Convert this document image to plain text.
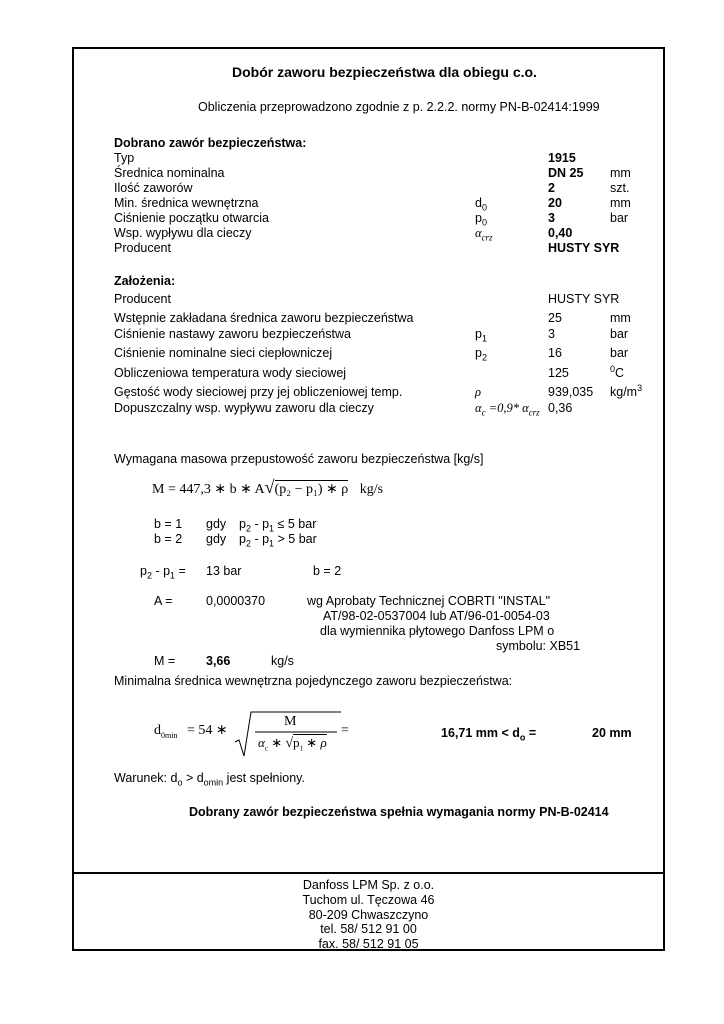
Dobór zaworu bezpieczeństwa dla obiegu c.o.
Obliczenia przeprowadzono zgodnie z p. 2.2.2. normy PN-B-02414:1999
Dobrano zawór bezpieczeństwa:
Typ	1915
Średnica nominalna	DN 25 mm
Ilość zaworów	2	szt.
Min. średnica wewnętrzna	$d_0$	20	mm
Ciśnienie początku otwarcia	$p_0$	3	bar
Wsp. wypływu dla cieczy	$\alpha_{crz}$	0,40
Producent	HUSTY SYR
Założenia:
Producent	HUSTY SYR
Wstępnie zakładana średnica zaworu bezpieczeństwa	25	mm
Ciśnienie nastawy zaworu bezpieczeństwa	$p_1$	3	bar
Ciśnienie nominalne sieci ciepłowniczej	$p_2$	16	bar
Obliczeniowa temperatura wody sieciowej	125	$^0$C
Gęstość wody sieciowej przy jej obliczeniowej temp.	ρ	939,035 $kg/m^3$
Dopuszczalny wsp. wypływu zaworu dla cieczy	$\alpha_c =0,9*$ $\alpha_{crz}$ 0,36
Wymagana masowa przepustowość zaworu bezpieczeństwa [kg/s]
M = 447,3 ∗ b ∗ A√(p₂ − p₁) ∗ ρ kg/s
b = 1 gdy $p_2 - p_1 \le 5$ bar
b = 2 gdy $p_2 - p_1 > 5$ bar
$p_2 - p_1 = 13$ bar	b = 2
A =	0,0000370	wg Aprobaty Technicznej COBRTI "INSTAL"
AT/98-02-0537004 lub AT/96-01-0054-03
dla wymiennika płytowego Danfoss LPM o
symbolu: XB51
M = 3,66	kg/s
Minimalna średnica wewnętrzna pojedynczego zaworu bezpieczeństwa:
$d_{0min} = 54$ ∗
M
$\alpha_c$ ∗ $√p_1$ ∗ ρ
=	16,71 mm < $d_o$ =	20 mm
Warunek: $d_o > d_{omin}$ jest spełniony.
Dobrany zawór bezpieczeństwa spełnia wymagania normy PN-B-02414
Danfoss LPM Sp. z o.o.
Tuchom ul. Tęczowa 46
80-209 Chwaszczyno
tel. 58/ 512 91 00
fax. 58/ 512 91 05
